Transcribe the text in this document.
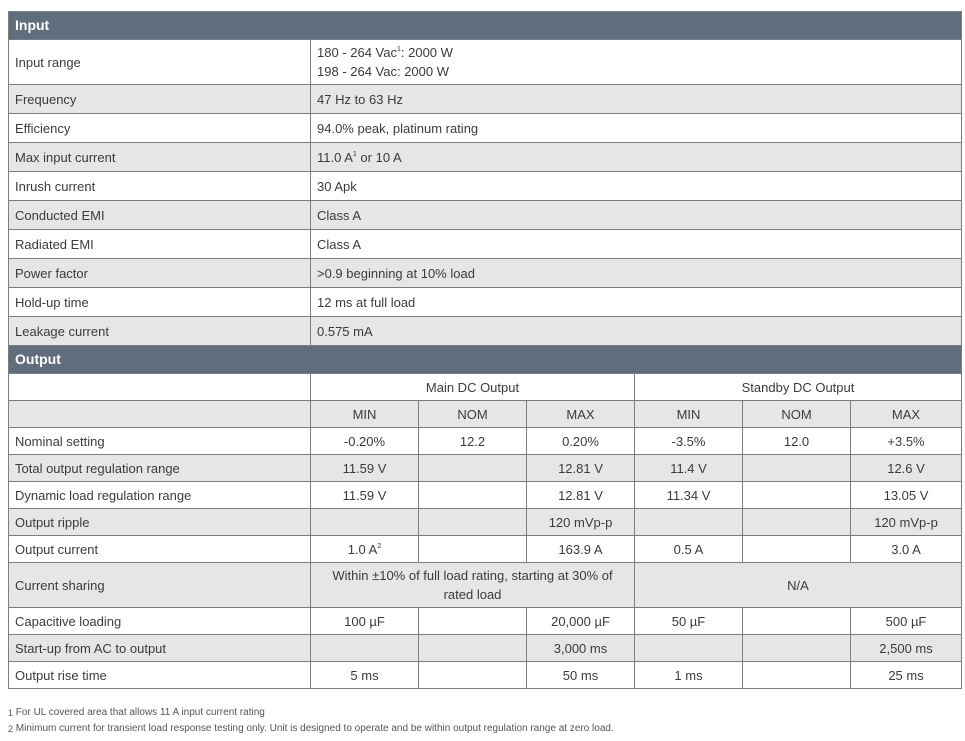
Input	
Input range	180 - 264 Vac$^1$: 2000 W
198 - 264 Vac: 2000 W
Frequency	47 Hz to 63 Hz
Efficiency	94.0% peak, platinum rating
Max input current	11.0 $A^1$ or 10 A
Inrush current	30 Apk
Conducted EMI	Class A
Radiated EMI	Class A
Power factor	>0.9 beginning at 10% load
Hold-up time	12 ms at full load
Leakage current	0.575 mA
Output						
	Main DC Output			Standby DC Output		
	MIN	NOM	MAX	MIN	NOM	MAX
Nominal setting	-0.20%	12.2	0.20%	-3.5%	12.0	+3.5%
Total output regulation range	11.59 V		12.81 V	11.4 V		12.6 V
Dynamic load regulation range	11.59 V		12.81 V	11.34 V		13.05 V
Output ripple			120 mVp-p			120 mVp-p
Output current	1.0 $A^2$		163.9 A	0.5 A		3.0 A
Current sharing	Within ±10% of full load rating, starting at 30% of rated load			N/A		
Capacitive loading	100 µF		20,000 µF	50 µF		500 µF
Start-up from AC to output			3,000 ms			2,500 ms
Output rise time	5 ms		50 ms	1 ms		25 ms
1 For UL covered area that allows 11 A input current rating
2 Minimum current for transient load response testing only. Unit is designed to operate and be within output regulation range at zero load.
